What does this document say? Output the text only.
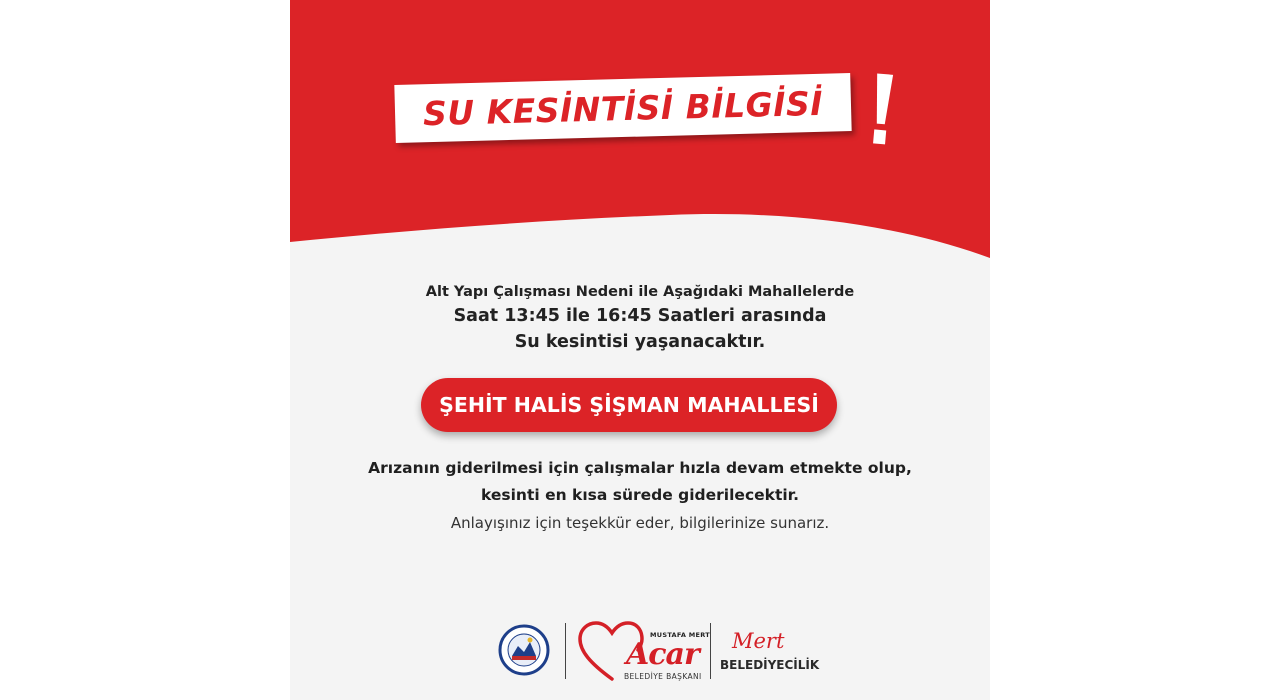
SU KESİNTİSİ BİLGİSİ
Alt Yapı Çalışması Nedeni ile Aşağıdaki Mahallelerde
Saat 13:45 ile 16:45 Saatleri arasında
Su kesintisi yaşanacaktır.
ŞEHİT HALİS ŞİŞMAN MAHALLESİ
Arızanın giderilmesi için çalışmalar hızla devam etmekte olup,
kesinti en kısa sürede giderilecektir.
Anlayışınız için teşekkür eder, bilgilerinize sunarız.
MUSTAFA MERT
Acar
BELEDİYE BAŞKANI
Mert
BELEDİYECİLİK
